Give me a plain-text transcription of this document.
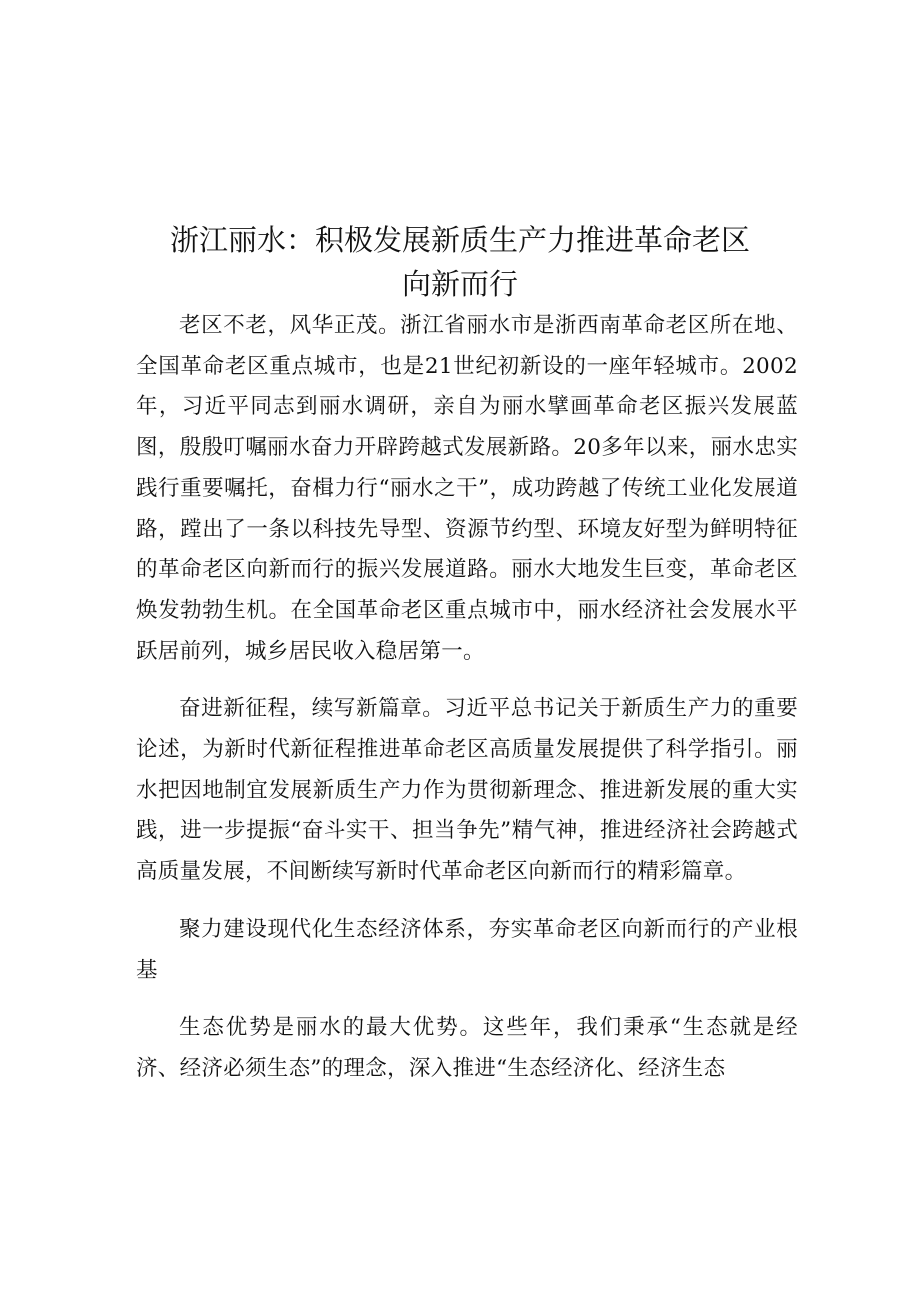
浙江丽水：积极发展新质生产力推进革命老区
向新而行

老区不老，风华正茂。浙江省丽水市是浙西南革命老区所在地、全国革命老区重点城市，也是21世纪初新设的一座年轻城市。2002年，习近平同志到丽水调研，亲自为丽水擘画革命老区振兴发展蓝图，殷殷叮嘱丽水奋力开辟跨越式发展新路。20多年以来，丽水忠实践行重要嘱托，奋楫力行“丽水之干”，成功跨越了传统工业化发展道路，蹚出了一条以科技先导型、资源节约型、环境友好型为鲜明特征的革命老区向新而行的振兴发展道路。丽水大地发生巨变，革命老区焕发勃勃生机。在全国革命老区重点城市中，丽水经济社会发展水平跃居前列，城乡居民收入稳居第一。

奋进新征程，续写新篇章。习近平总书记关于新质生产力的重要论述，为新时代新征程推进革命老区高质量发展提供了科学指引。丽水把因地制宜发展新质生产力作为贯彻新理念、推进新发展的重大实践，进一步提振“奋斗实干、担当争先”精气神，推进经济社会跨越式高质量发展，不间断续写新时代革命老区向新而行的精彩篇章。

聚力建设现代化生态经济体系，夯实革命老区向新而行的产业根基

生态优势是丽水的最大优势。这些年，我们秉承“生态就是经济、经济必须生态”的理念，深入推进“生态经济化、经济生态
